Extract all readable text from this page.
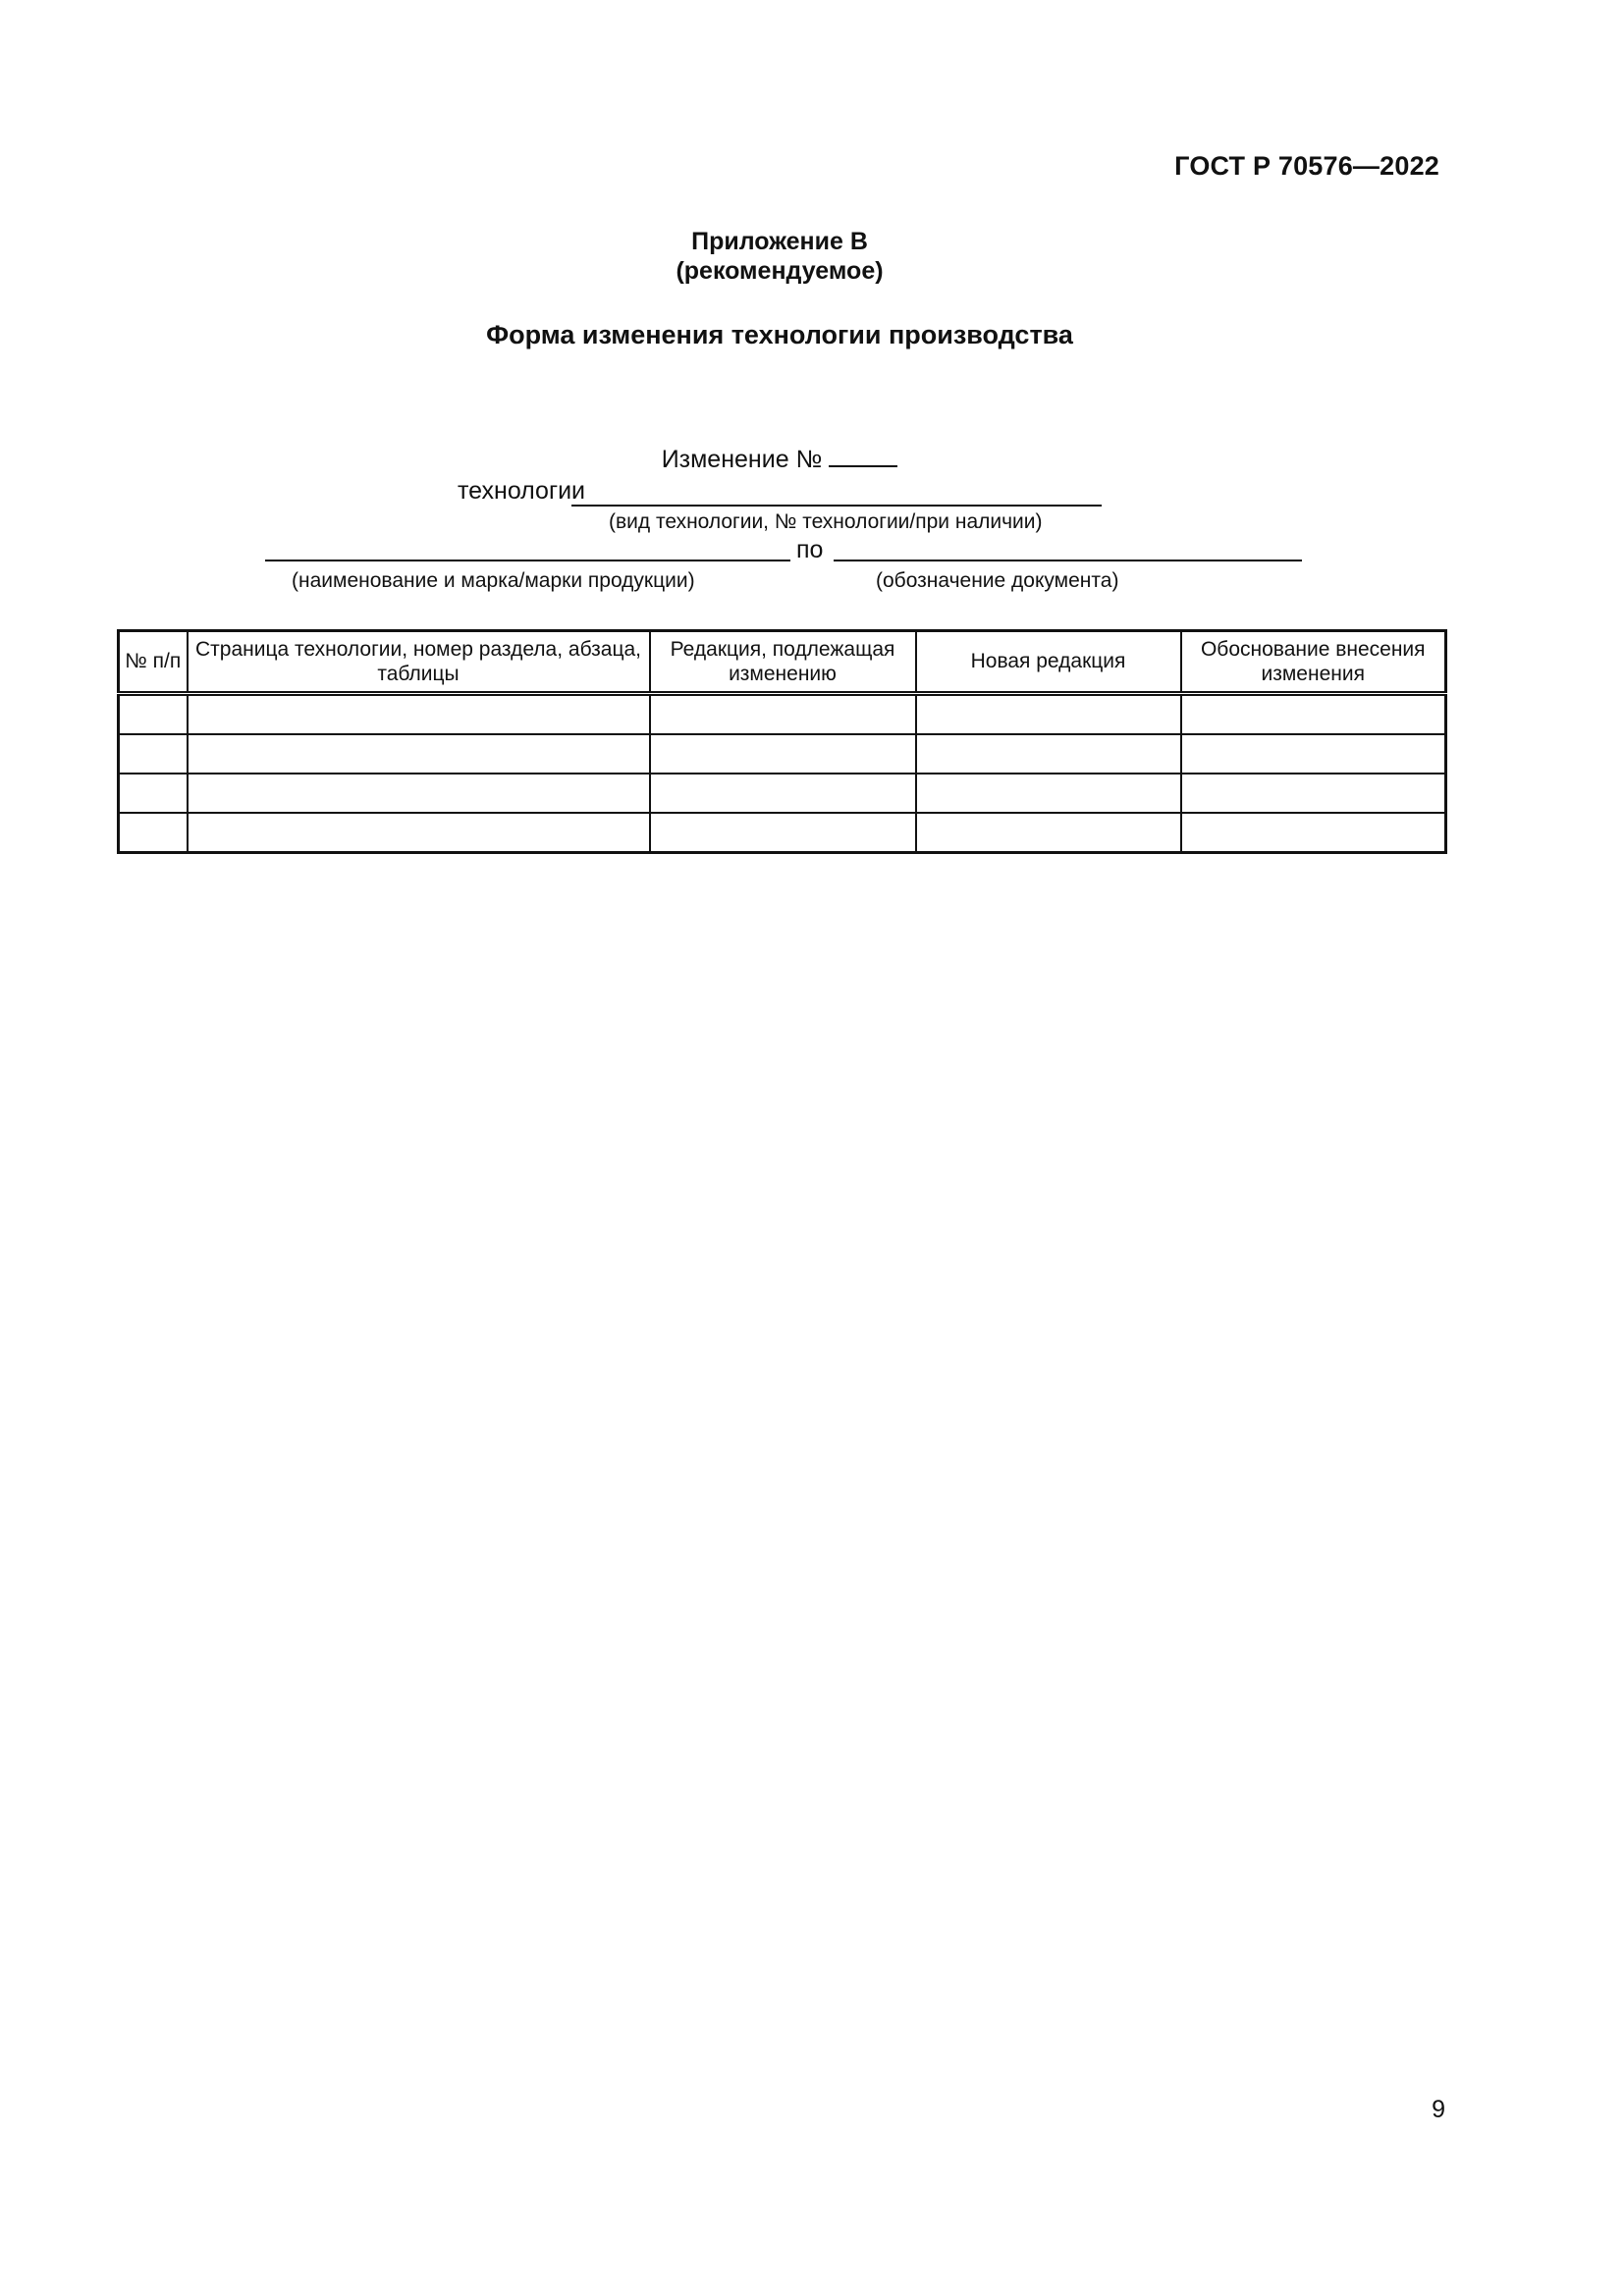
ГОСТ Р 70576—2022
Приложение В
(рекомендуемое)
Форма изменения технологии производства
Изменение №
технологии
(вид технологии, № технологии/при наличии)
по
(наименование и марка/марки продукции)	(обозначение документа)
№ п/п	Страница технологии, номер раздела, абзаца, таблицы	Редакция, подлежащая изменению	Новая редакция	Обоснование внесения изменения

9
